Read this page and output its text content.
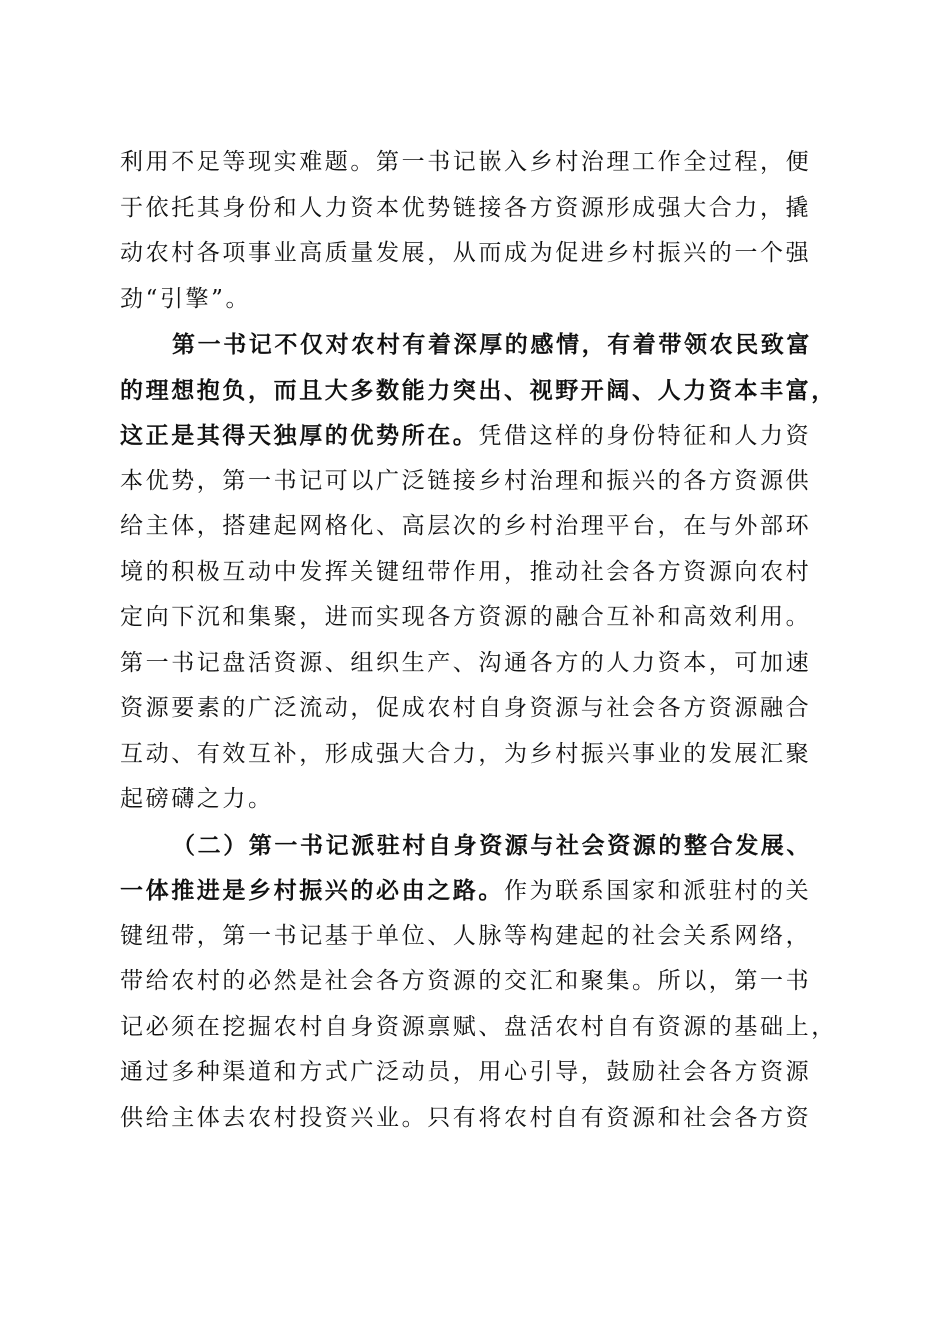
利用不足等现实难题。第一书记嵌入乡村治理工作全过程，便
于依托其身份和人力资本优势链接各方资源形成强大合力，撬
动农村各项事业高质量发展，从而成为促进乡村振兴的一个强
劲“引擎”。
第一书记不仅对农村有着深厚的感情，有着带领农民致富
的理想抱负，而且大多数能力突出、视野开阔、人力资本丰富，
这正是其得天独厚的优势所在。凭借这样的身份特征和人力资
本优势，第一书记可以广泛链接乡村治理和振兴的各方资源供
给主体，搭建起网格化、高层次的乡村治理平台，在与外部环
境的积极互动中发挥关键纽带作用，推动社会各方资源向农村
定向下沉和集聚，进而实现各方资源的融合互补和高效利用。
第一书记盘活资源、组织生产、沟通各方的人力资本，可加速
资源要素的广泛流动，促成农村自身资源与社会各方资源融合
互动、有效互补，形成强大合力，为乡村振兴事业的发展汇聚
起磅礴之力。
（二）第一书记派驻村自身资源与社会资源的整合发展、
一体推进是乡村振兴的必由之路。作为联系国家和派驻村的关
键纽带，第一书记基于单位、人脉等构建起的社会关系网络，
带给农村的必然是社会各方资源的交汇和聚集。所以，第一书
记必须在挖掘农村自身资源禀赋、盘活农村自有资源的基础上，
通过多种渠道和方式广泛动员，用心引导，鼓励社会各方资源
供给主体去农村投资兴业。只有将农村自有资源和社会各方资
